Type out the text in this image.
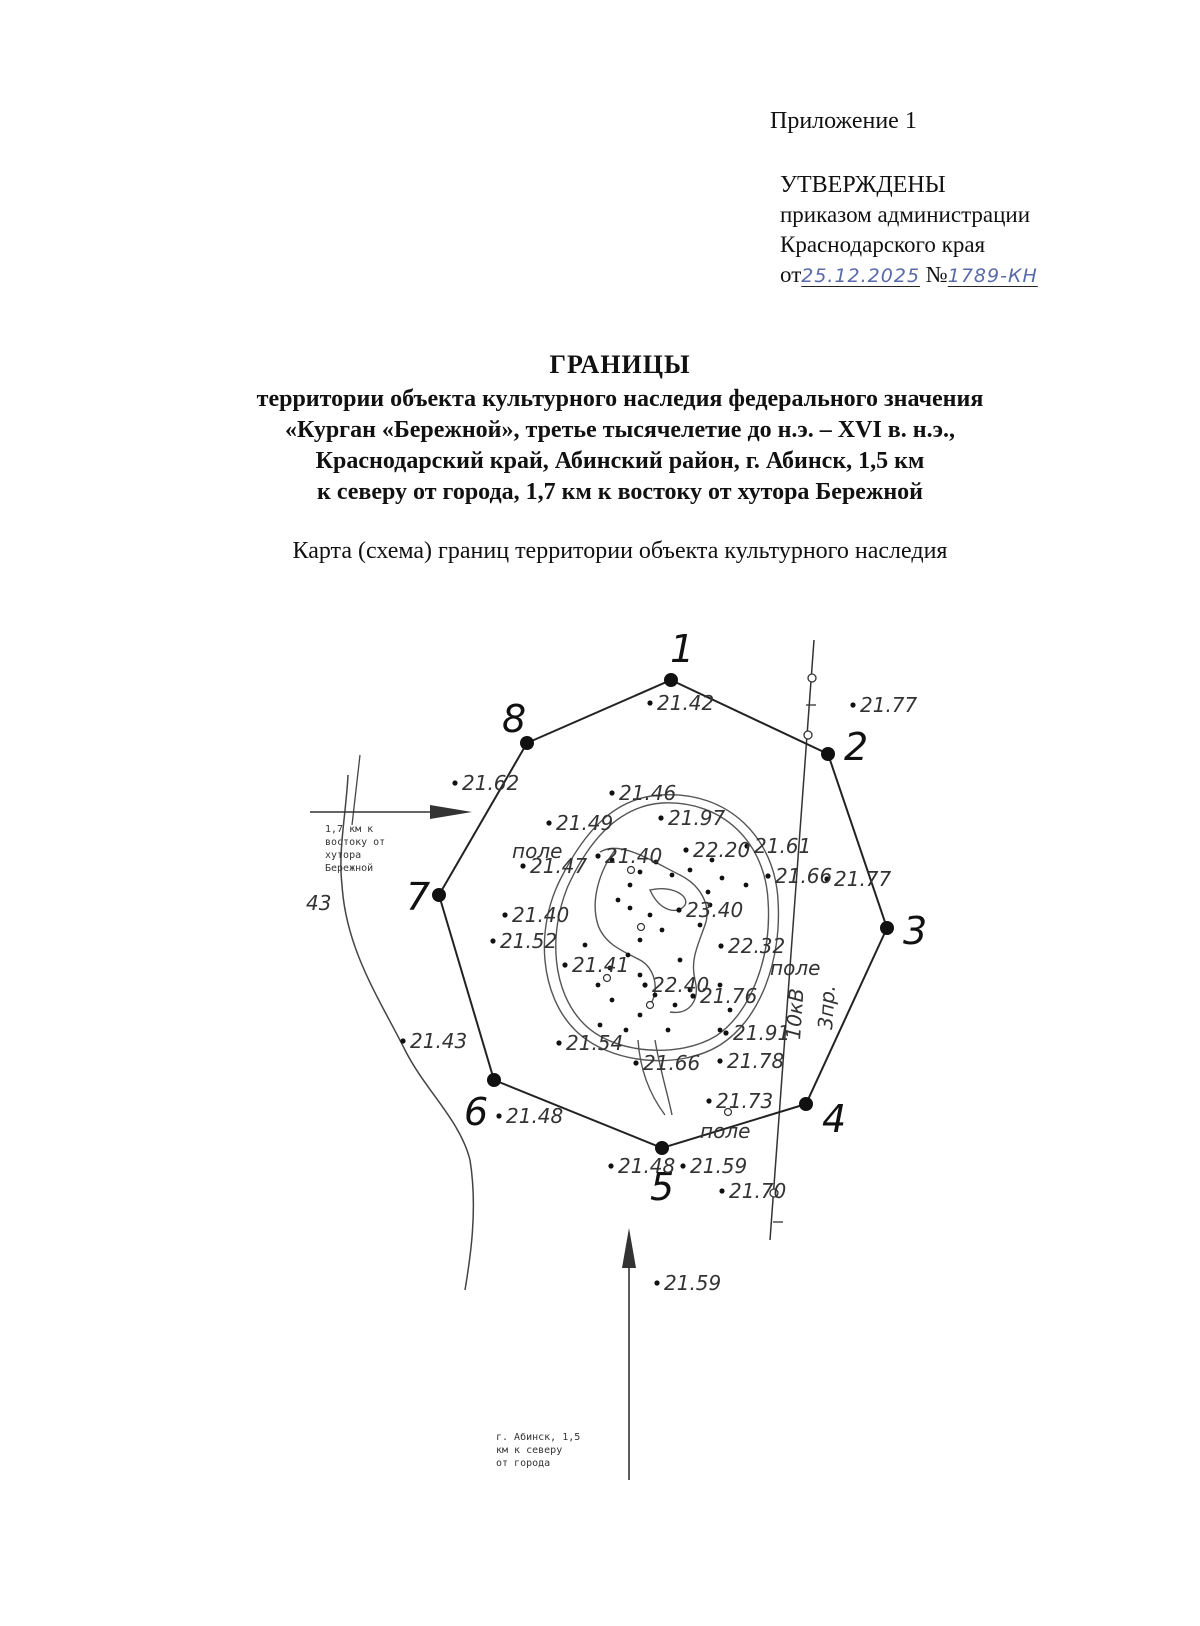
Приложение 1
УТВЕРЖДЕНЫ
приказом администрации
Краснодарского края
от25.12.2025 №1789-КН
ГРАНИЦЫ
территории объекта культурного наследия федерального значения
«Курган «Бережной», третье тысячелетие до н.э. – XVI в. н.э.,
Краснодарский край, Абинский район, г. Абинск, 1,5 км
к северу от города, 1,7 км к востоку от хутора Бережной
Карта (схема) границ территории объекта культурного наследия
1
2
3
4
5
6
7
8	21.42	21.77
21.62	21.46
21.49	21.97
21.40 22.20 21.61
21.47	21.66 21.77
23.40
21.40
21.52	22.32
21.41
22.40
21.76
21.43	21.54
21.66
21.91
21.78
21.73
21.48
21.48 21.59
21.70
21.59
поле
поле
поле
43
10кВ 3пр.
1,7 км к
востоку от
хутора
Бережной
г. Абинск, 1,5
км к северу
от города
